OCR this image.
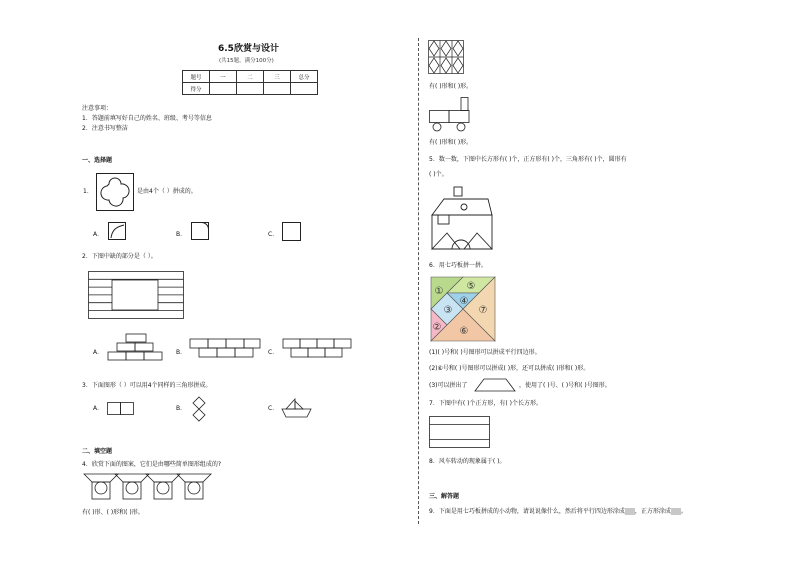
6.5欣赏与设计
(共15题，满分100分)
题号	一	二	三	总分
得分				
注意事项：
1．答题前填写好自己的姓名、班级、考号等信息
2．注意书写整洁
一、选择题
1．	是由4个（ ）拼成的。
A．	B．	C．
2．下图中缺的部分是（ ）。
A．	B．	C．
3．下面图形（ ）可以用4个同样的三角形拼成。
A．	B．	C．
二、填空题
4．欣赏下面的图案，它们是由哪些简单图形组成的?
有( )形、( )形和( )形。
有( )形和( )形。
有( )形和( )形。
5．数一数，下图中长方形有( )个，正方形有( )个，三角形有( )个，圆形有
( )个。
6．用七巧板拼一拼。
① ⑤
④
③	⑦
② ⑥
(1)( )号和( )号图形可以拼成平行四边形。
(2)⑥号和( )号图形可以拼成( )形，还可以拼成( )形和( )形。
(3)可以拼出了	，使用了( )号、( )号和( )号图形。
7．下图中有( )个正方形，有( )个长方形。
8．风车转动的现象属于( )。
三、解答题
9．下面是用七巧板拼成的小动物，请说说像什么，然后将平行四边形涂成 ，正方形涂成 。
